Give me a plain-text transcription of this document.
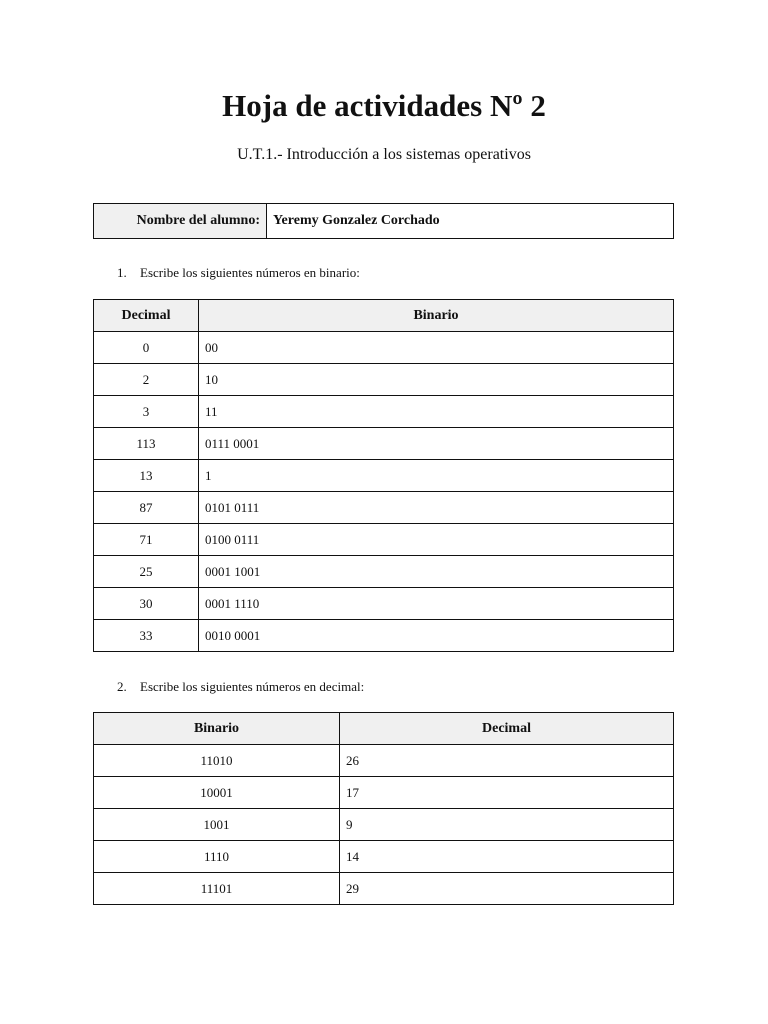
Hoja de actividades Nº 2
U.T.1.- Introducción a los sistemas operativos
Nombre del alumno:	Yeremy Gonzalez Corchado
1. Escribe los siguientes números en binario:
Decimal	Binario
0	00
2	10
3	11
113	0111 0001
13	1
87	0101 0111
71	0100 0111
25	0001 1001
30	0001 1110
33	0010 0001
2. Escribe los siguientes números en decimal:
Binario	Decimal
11010	26
10001	17
1001	9
1110	14
11101	29
